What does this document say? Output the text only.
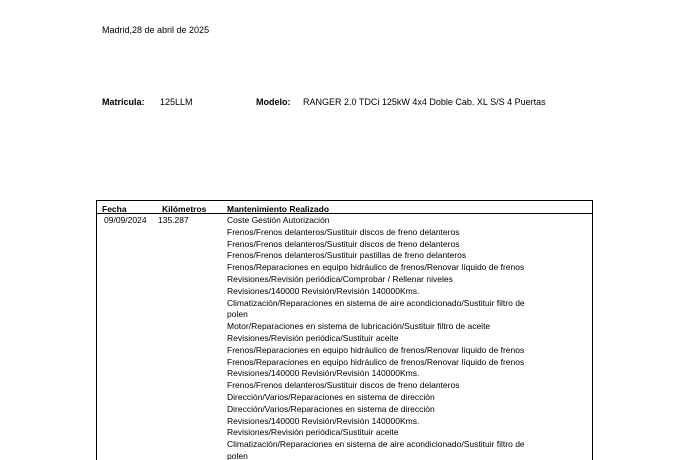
Madrid,28 de abril de 2025
Matricula: 125LLM	Modelo: RANGER 2.0 TDCi 125kW 4x4 Doble Cab. XL S/S 4 Puertas
Fecha	Kilómetros Mantenimiento Realizado
09/09/2024 135.287	Coste Gestión Autorización
Frenos/Frenos delanteros/Sustituir discos de freno delanteros
Frenos/Frenos delanteros/Sustituir discos de freno delanteros
Frenos/Frenos delanteros/Sustituir pastillas de freno delanteros
Frenos/Reparaciones en equipo hidráulico de frenos/Renovar líquido de frenos
Revisiones/Revisión periódica/Comprobar / Rellenar niveles
Revisiones/140000 Revisión/Revisión 140000Kms.
Climatización/Reparaciones en sistema de aire acondicionado/Sustituir filtro de
polen
Motor/Reparaciones en sistema de lubricación/Sustituir filtro de aceite
Revisiones/Revisión periódica/Sustituir aceite
Frenos/Reparaciones en equipo hidráulico de frenos/Renovar líquido de frenos
Frenos/Reparaciones en equipo hidráulico de frenos/Renovar líquido de frenos
Revisiones/140000 Revisión/Revisión 140000Kms.
Frenos/Frenos delanteros/Sustituir discos de freno delanteros
Dirección/Varios/Reparaciones en sistema de dirección
Dirección/Varios/Reparaciones en sistema de dirección
Revisiones/140000 Revisión/Revisión 140000Kms.
Revisiones/Revisión periódica/Sustituir aceite
Climatización/Reparaciones en sistema de aire acondicionado/Sustituir filtro de
polen
